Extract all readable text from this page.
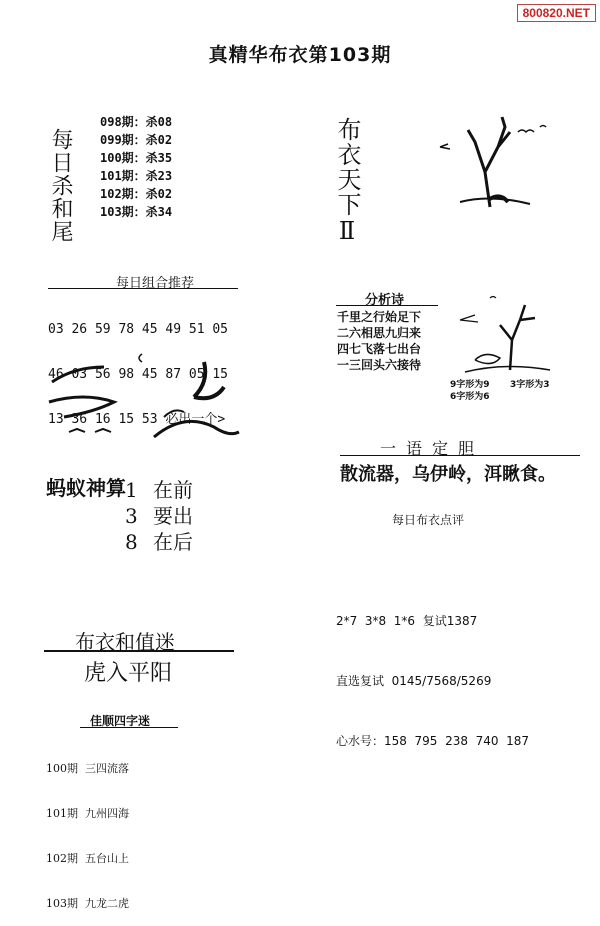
800820.NET
真精华布衣第103期
每日杀和尾
098期：杀08
099期：杀02
100期：杀35
101期：杀23
102期：杀02
103期：杀34	布衣天下Ⅱ
每日组合推荐

03 26 59 78 45 49 51 05

46 03 56 98 45 87 05 15

13 36 16 15 53 必出一个>

蚂蚁神算 1
3
8
在前
要出
在后
布衣和值迷
虎入平阳
佳顺四字迷

100期  三四流落

101期  九州四海

102期  五台山上

103期  九龙二虎

分析诗
千里之行始足下
二六相思九归来
四七飞落七出台
一三回头六接待
9字形为9 3字形为3
6字形为6
一语定胆
散流器，乌伊岭，洱瞅食。
每日布衣点评

2*7  3*8  1*6  复试1387

直选复试  0145/7568/5269

心水号：158  795  238  740  187
